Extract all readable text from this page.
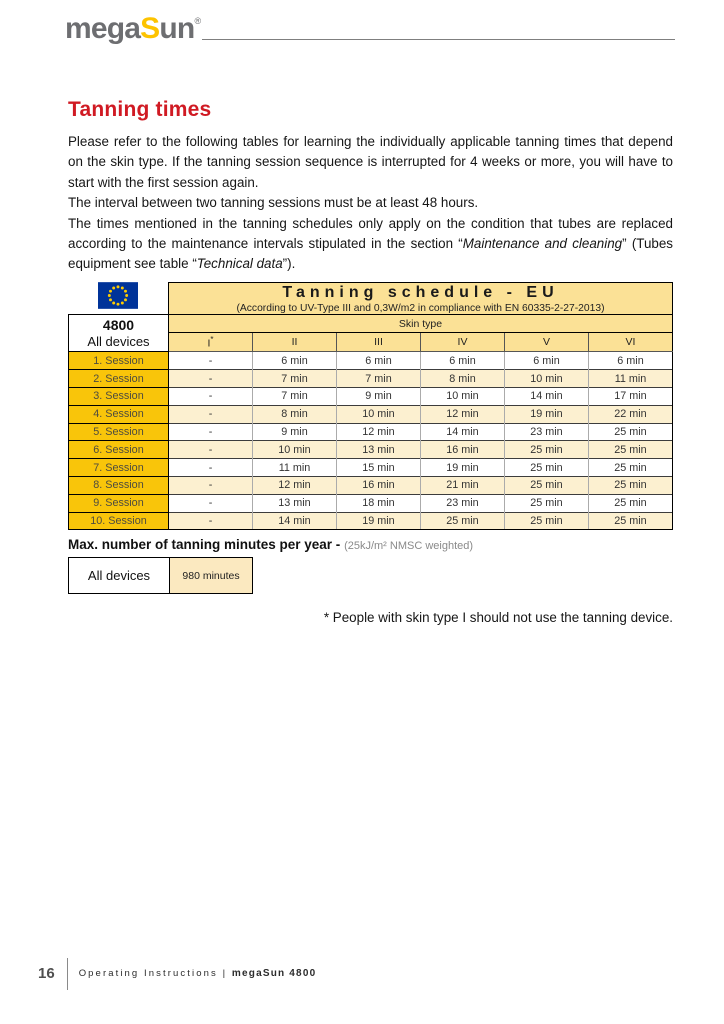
megaSun®
Tanning times

Please refer to the following tables for learning the individually applicable tanning times that depend on the skin type. If the tanning session sequence is interrupted for 4 weeks or more, you will have to start with the first session again.

The interval between two tanning sessions must be at least 48 hours.

The times mentioned in the tanning schedules only apply on the condition that tubes are replaced according to the maintenance intervals stipulated in the section “Maintenance and cleaning” (Tubes equipment see table “Technical data”).

Tanning schedule - EU
(According to UV-Type III and 0,3W/m2 in compliance with EN 60335-2-27-2013)					

4800
All devices	Skin type					
	I*	II	III	IV	V	VI
1. Session	-	6 min	6 min	6 min	6 min	6 min
2. Session	-	7 min	7 min	8 min	10 min	11 min
3. Session	-	7 min	9 min	10 min	14 min	17 min
4. Session	-	8 min	10 min	12 min	19 min	22 min
5. Session	-	9 min	12 min	14 min	23 min	25 min
6. Session	-	10 min	13 min	16 min	25 min	25 min
7. Session	-	11 min	15 min	19 min	25 min	25 min
8. Session	-	12 min	16 min	21 min	25 min	25 min
9. Session	-	13 min	18 min	23 min	25 min	25 min
10. Session	-	14 min	19 min	25 min	25 min	25 min
Max. number of tanning minutes per year - (25kJ/m² NMSC weighted)
All devices	980 minutes
* People with skin type I should not use the tanning device.
16	Operating Instructions | megaSun 4800
